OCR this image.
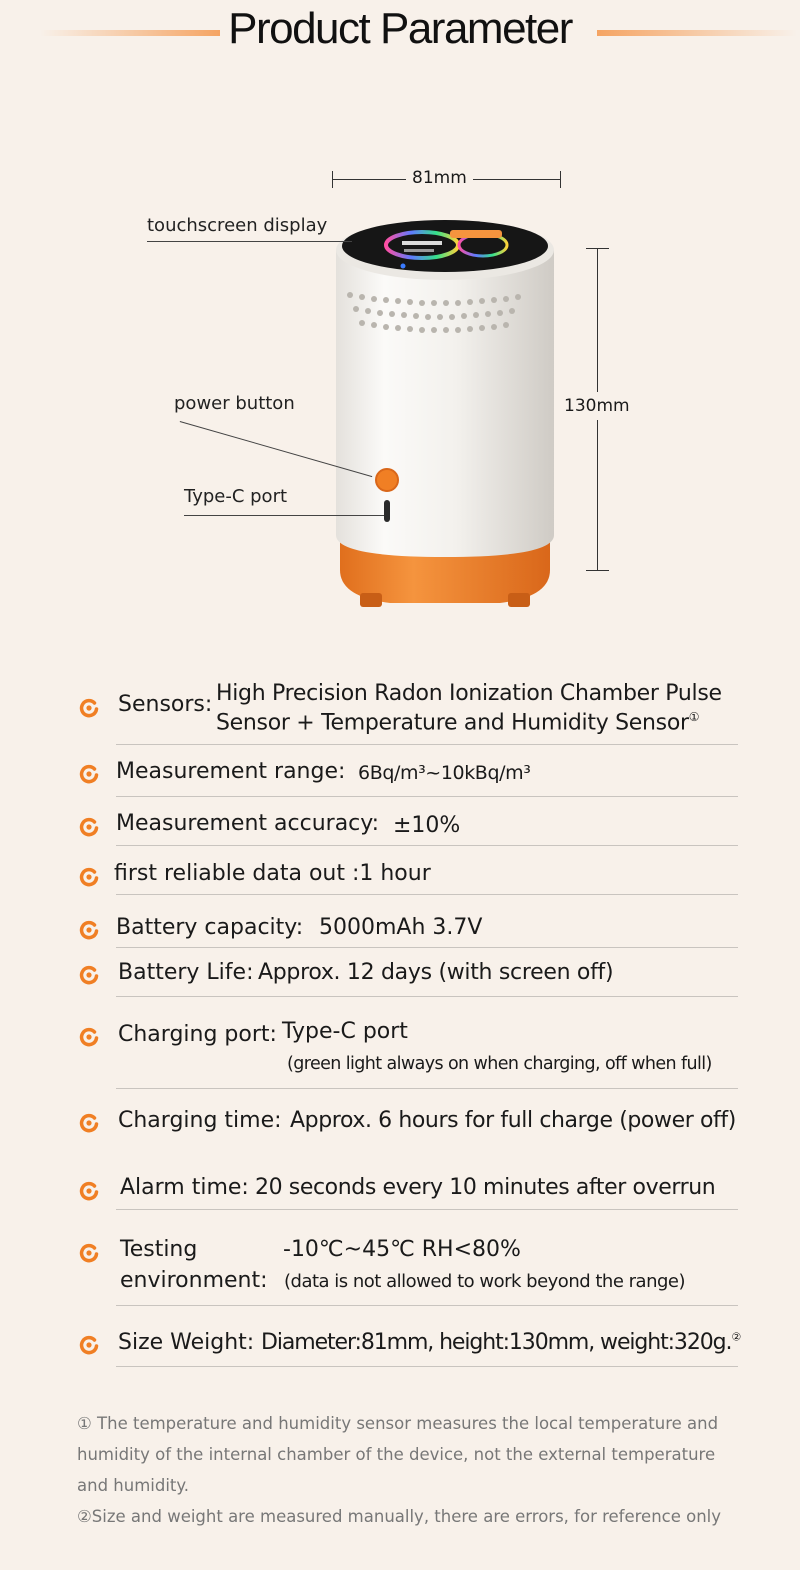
Product Parameter
81mm
130mm
touchscreen display
power button
Type-C port
Sensors: High Precision Radon Ionization Chamber Pulse
Sensor + Temperature and Humidity Sensor①
Measurement range: 6Bq/m³~10kBq/m³
Measurement accuracy: ±10%
first reliable data out :1 hour
Battery capacity: 5000mAh 3.7V
Battery Life: Approx. 12 days (with screen off)
Charging port: Type-C port
(green light always on when charging, off when full)
Charging time: Approx. 6 hours for full charge (power off)
Alarm time: 20 seconds every 10 minutes after overrun
Testing
environment:
-10℃~45℃ RH<80%
(data is not allowed to work beyond the range)
Size Weight: Diameter:81mm, height:130mm, weight:320g.②
① The temperature and humidity sensor measures the local temperature and humidity of the internal chamber of the device, not the external temperature and humidity.
②Size and weight are measured manually, there are errors, for reference only
